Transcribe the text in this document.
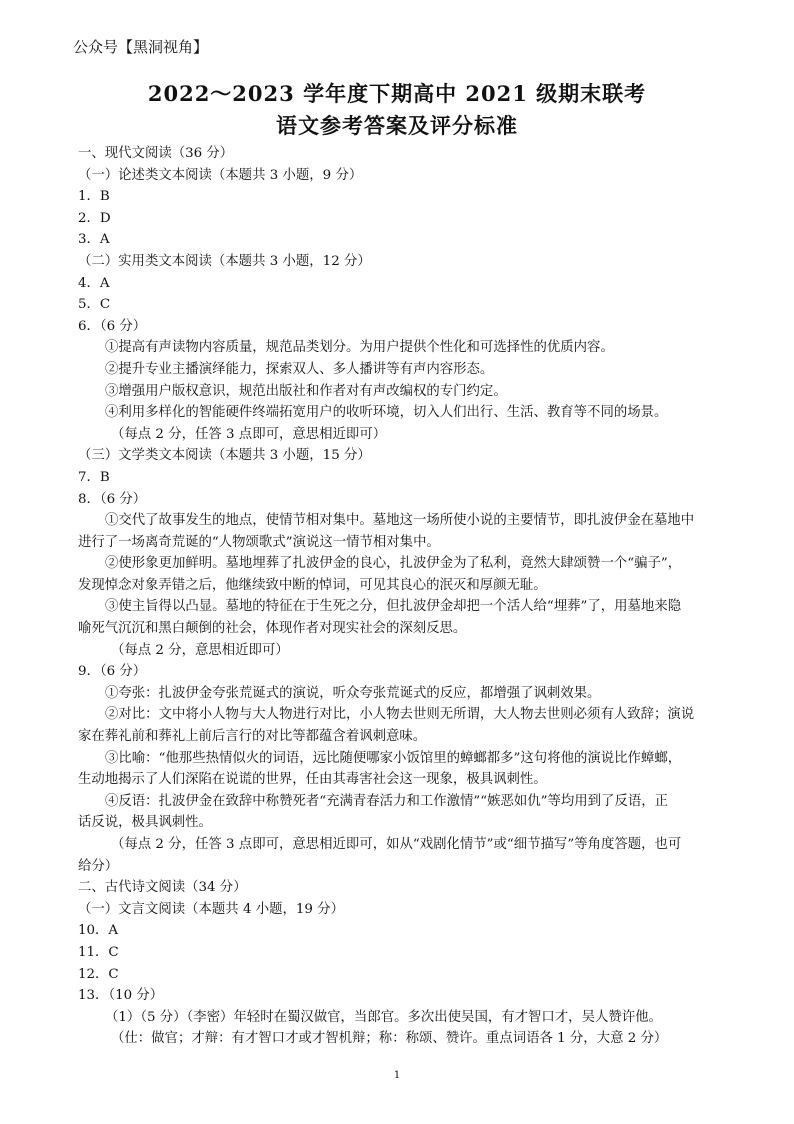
公众号【黑洞视角】
2022～2023 学年度下期高中 2021 级期末联考
语文参考答案及评分标准
一、现代文阅读（36 分）
（一）论述类文本阅读（本题共 3 小题，9 分）
1．B
2．D
3．A
（二）实用类文本阅读（本题共 3 小题，12 分）
4．A
5．C
6．（6 分）
①提高有声读物内容质量，规范品类划分。为用户提供个性化和可选择性的优质内容。
②提升专业主播演绎能力，探索双人、多人播讲等有声内容形态。
③增强用户版权意识，规范出版社和作者对有声改编权的专门约定。
④利用多样化的智能硬件终端拓宽用户的收听环境，切入人们出行、生活、教育等不同的场景。
（每点 2 分，任答 3 点即可，意思相近即可）
（三）文学类文本阅读（本题共 3 小题，15 分）
7．B
8．（6 分）
①交代了故事发生的地点，使情节相对集中。墓地这一场所使小说的主要情节，即扎波伊金在墓地中
进行了一场离奇荒诞的“人物颂歌式”演说这一情节相对集中。
②使形象更加鲜明。墓地埋葬了扎波伊金的良心，扎波伊金为了私利，竟然大肆颂赞一个“骗子”，
发现悼念对象弄错之后，他继续致中断的悼词，可见其良心的泯灭和厚颜无耻。
③使主旨得以凸显。墓地的特征在于生死之分，但扎波伊金却把一个活人给“埋葬”了，用墓地来隐
喻死气沉沉和黑白颠倒的社会，体现作者对现实社会的深刻反思。
（每点 2 分，意思相近即可）
9．（6 分）
①夸张：扎波伊金夸张荒诞式的演说，听众夸张荒诞式的反应，都增强了讽刺效果。
②对比：文中将小人物与大人物进行对比，小人物去世则无所谓，大人物去世则必须有人致辞；演说
家在葬礼前和葬礼上前后言行的对比等都蕴含着讽刺意味。
③比喻：“他那些热情似火的词语，远比随便哪家小饭馆里的蟑螂都多”这句将他的演说比作蟑螂，
生动地揭示了人们深陷在说谎的世界，任由其毒害社会这一现象，极具讽刺性。
④反语：扎波伊金在致辞中称赞死者“充满青春活力和工作激情”“嫉恶如仇”等均用到了反语，正
话反说，极具讽刺性。
（每点 2 分，任答 3 点即可，意思相近即可，如从“戏剧化情节”或“细节描写”等角度答题，也可
给分）
二、古代诗文阅读（34 分）
（一）文言文阅读（本题共 4 小题，19 分）
10．A
11．C
12．C
13．（10 分）
（1）（5 分）（李密）年轻时在蜀汉做官，当郎官。多次出使吴国，有才智口才，吴人赞许他。
（仕：做官；才辩：有才智口才或才智机辩；称：称颂、赞许。重点词语各 1 分，大意 2 分）
1
